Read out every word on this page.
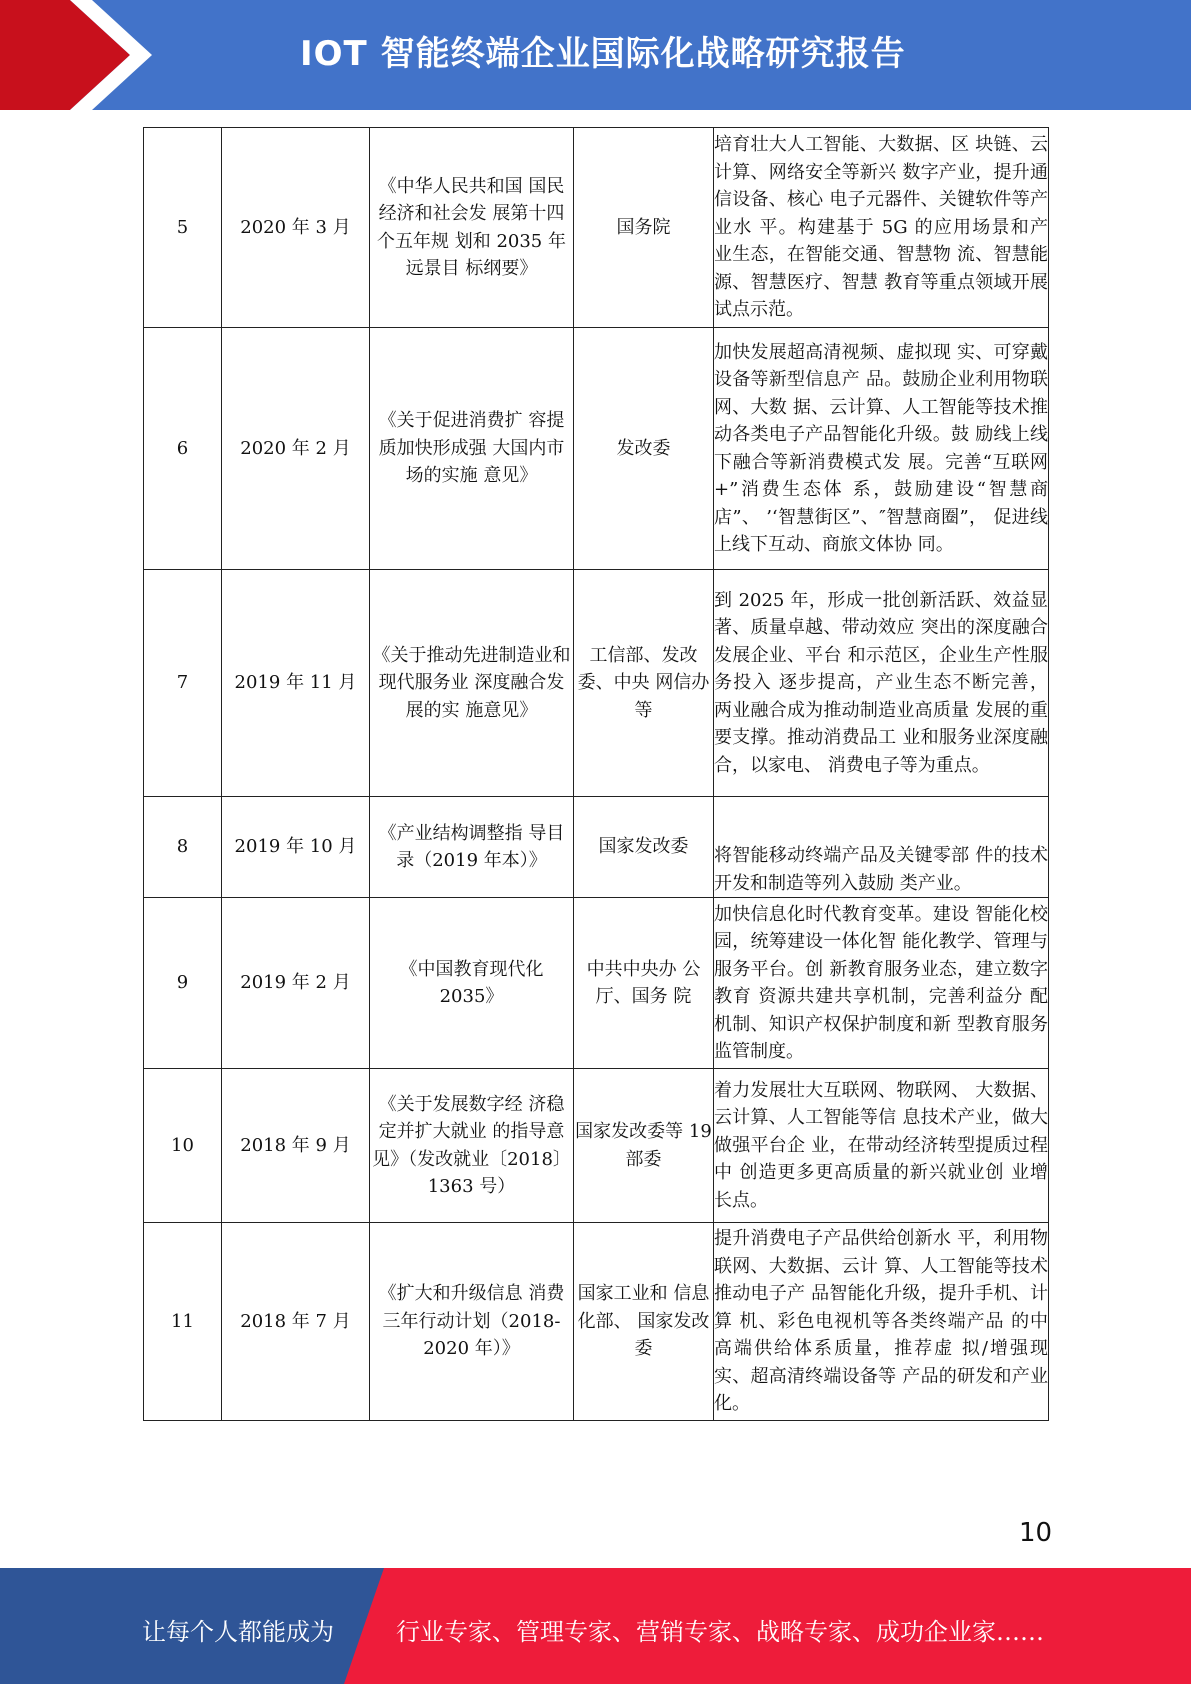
IOT 智能终端企业国际化战略研究报告
5	2020 年 3 月	《中华人民共和国 国民经济和社会发 展第十四个五年规 划和 2035 年远景目 标纲要》	国务院	培育壮大人工智能、大数据、区 块链、云计算、网络安全等新兴 数字产业，提升通信设备、核心 电子元器件、关键软件等产业水 平。构建基于 5G 的应用场景和产 业生态，在智能交通、智慧物 流、智慧能源、智慧医疗、智慧 教育等重点领域开展试点示范。
6	2020 年 2 月	《关于促进消费扩 容提质加快形成强 大国内市场的实施 意见》	发改委	加快发展超高清视频、虚拟现 实、可穿戴设备等新型信息产 品。鼓励企业利用物联网、大数 据、云计算、人工智能等技术推 动各类电子产品智能化升级。鼓 励线上线下融合等新消费模式发 展。完善“互联网+”消费生态体 系，鼓励建设“智慧商店”、 ’‘智慧街区”、″智慧商圈”， 促进线上线下互动、商旅文体协 同。
7	2019 年 11 月	《关于推动先进制造业和现代服务业 深度融合发展的实 施意见》	工信部、发改委、中央 网信办等	到 2025 年，形成一批创新活跃、效益显著、质量卓越、带动效应 突出的深度融合发展企业、平台 和示范区，企业生产性服务投入 逐步提高，产业生态不断完善， 两业融合成为推动制造业高质量 发展的重要支撑。推动消费品工 业和服务业深度融合，以家电、 消费电子等为重点。
8	2019 年 10 月	《产业结构调整指 导目录（2019 年本）》	国家发改委	将智能移动终端产品及关键零部 件的技术开发和制造等列入鼓励 类产业。
9	2019 年 2 月	《中国教育现代化 2035》	中共中央办 公厅、国务 院	加快信息化时代教育变革。建设 智能化校园，统筹建设一体化智 能化教学、管理与服务平台。创 新教育服务业态，建立数字教育 资源共建共享机制，完善利益分 配机制、知识产权保护制度和新 型教育服务监管制度。
10	2018 年 9 月	《关于发展数字经 济稳定并扩大就业 的指导意见》（发改就业〔2018〕 1363 号）	国家发改委等 19 部委	着力发展壮大互联网、物联网、 大数据、云计算、人工智能等信 息技术产业，做大做强平台企 业，在带动经济转型提质过程中 创造更多更高质量的新兴就业创 业增长点。
11	2018 年 7 月	《扩大和升级信息 消费三年行动计划（2018-2020 年）》	国家工业和 信息化部、 国家发改委	提升消费电子产品供给创新水 平，利用物联网、大数据、云计 算、人工智能等技术推动电子产 品智能化升级，提升手机、计算 机、彩色电视机等各类终端产品 的中高端供给体系质量，推荐虚 拟/增强现实、超高清终端设备等 产品的研发和产业化。
10
让每个人都能成为	行业专家、管理专家、营销专家、战略专家、成功企业家……
